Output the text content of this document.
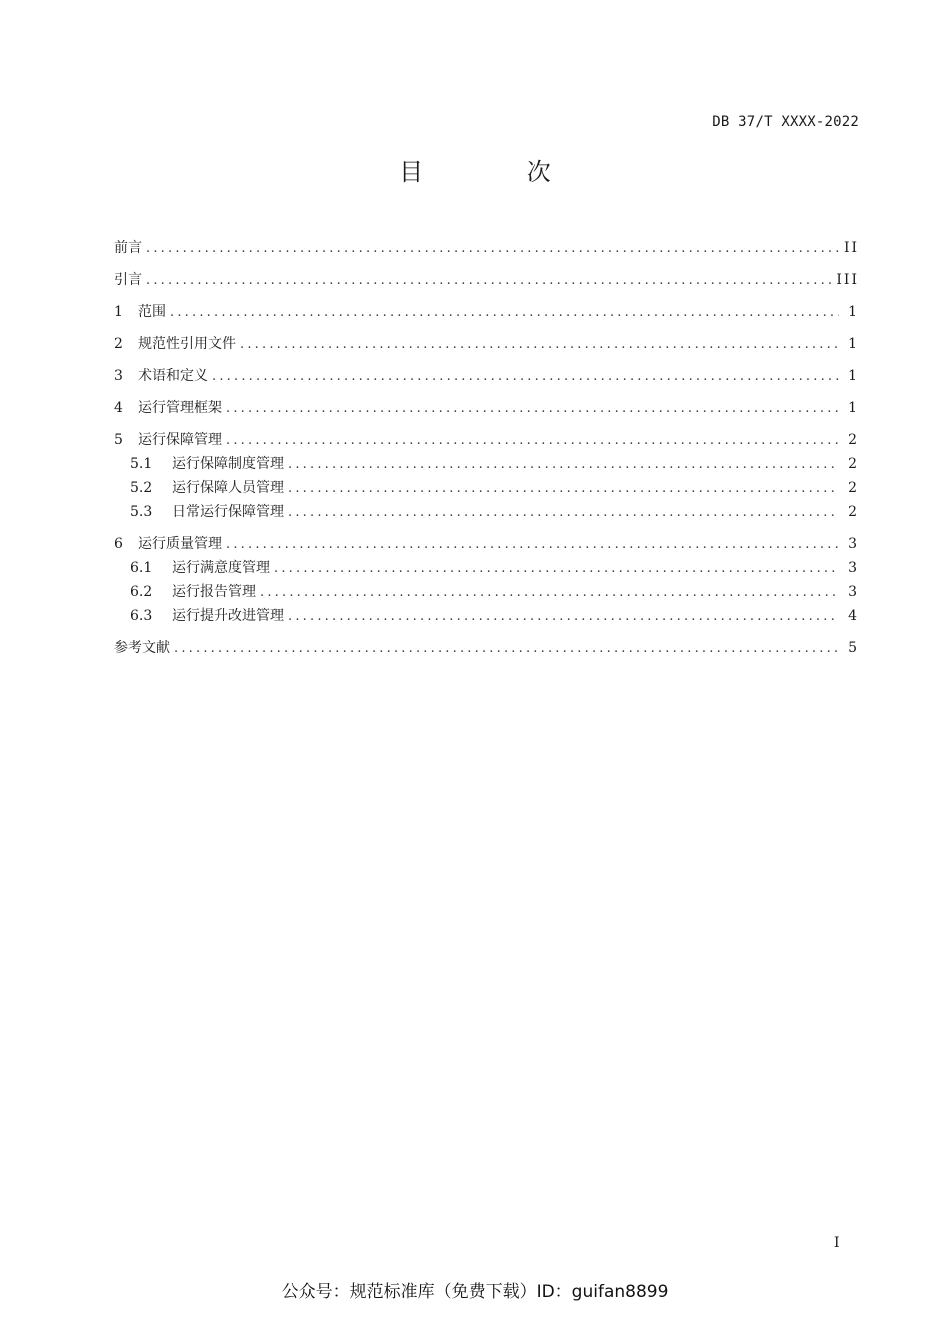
DB 37/T XXXX-2022
目 次
前言 .....	II
引言 .....	III
1	范围 .....	1
2	规范性引用文件 .....	1
3	术语和定义 .....	1
4	运行管理框架 .....	1
5	运行保障管理 .....	2
5.1	运行保障制度管理 .....	2
5.2	运行保障人员管理 .....	2
5.3	日常运行保障管理 .....	2
6	运行质量管理 .....	3
6.1	运行满意度管理 .....	3
6.2	运行报告管理 .....	3
6.3	运行提升改进管理 .....	4
参考文献 .....	5
I
公众号：规范标准库（免费下载）ID：guifan8899
